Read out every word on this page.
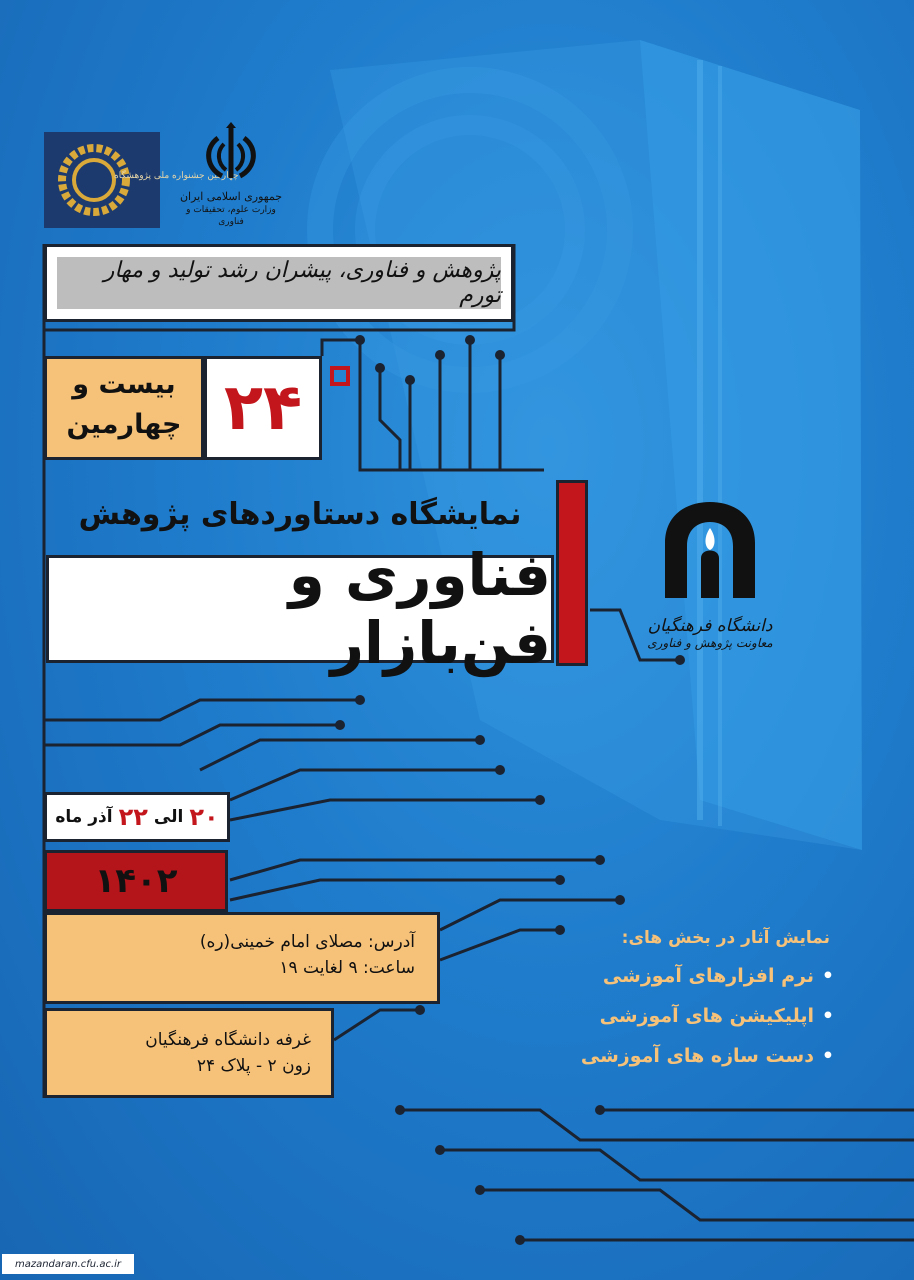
چهارمین جشنواره ملی پژوهشگاه
جمهوری اسلامی ایران
وزارت علوم، تحقیقات و فناوری
پژوهش و فناوری، پیشران رشد تولید و مهار تورم
بیست و
چهارمین ۲۴
نمایشگاه دستاوردهای پژوهش
فناوری و فن‌بازار	دانشگاه فرهنگیان
معاونت پژوهش و فناوری
۲۰
الی
۲۲
آذر ماه
۱۴۰۲
آدرس: مصلای امام خمینی(ره)
ساعت: ۹ لغایت ۱۹
غرفه دانشگاه فرهنگیان
زون ۲ - پلاک ۲۴
نمایش آثار در بخش های:
• نرم افزارهای آموزشی
• اپلیکیشن های آموزشی
• دست سازه های آموزشی
mazandaran.cfu.ac.ir
